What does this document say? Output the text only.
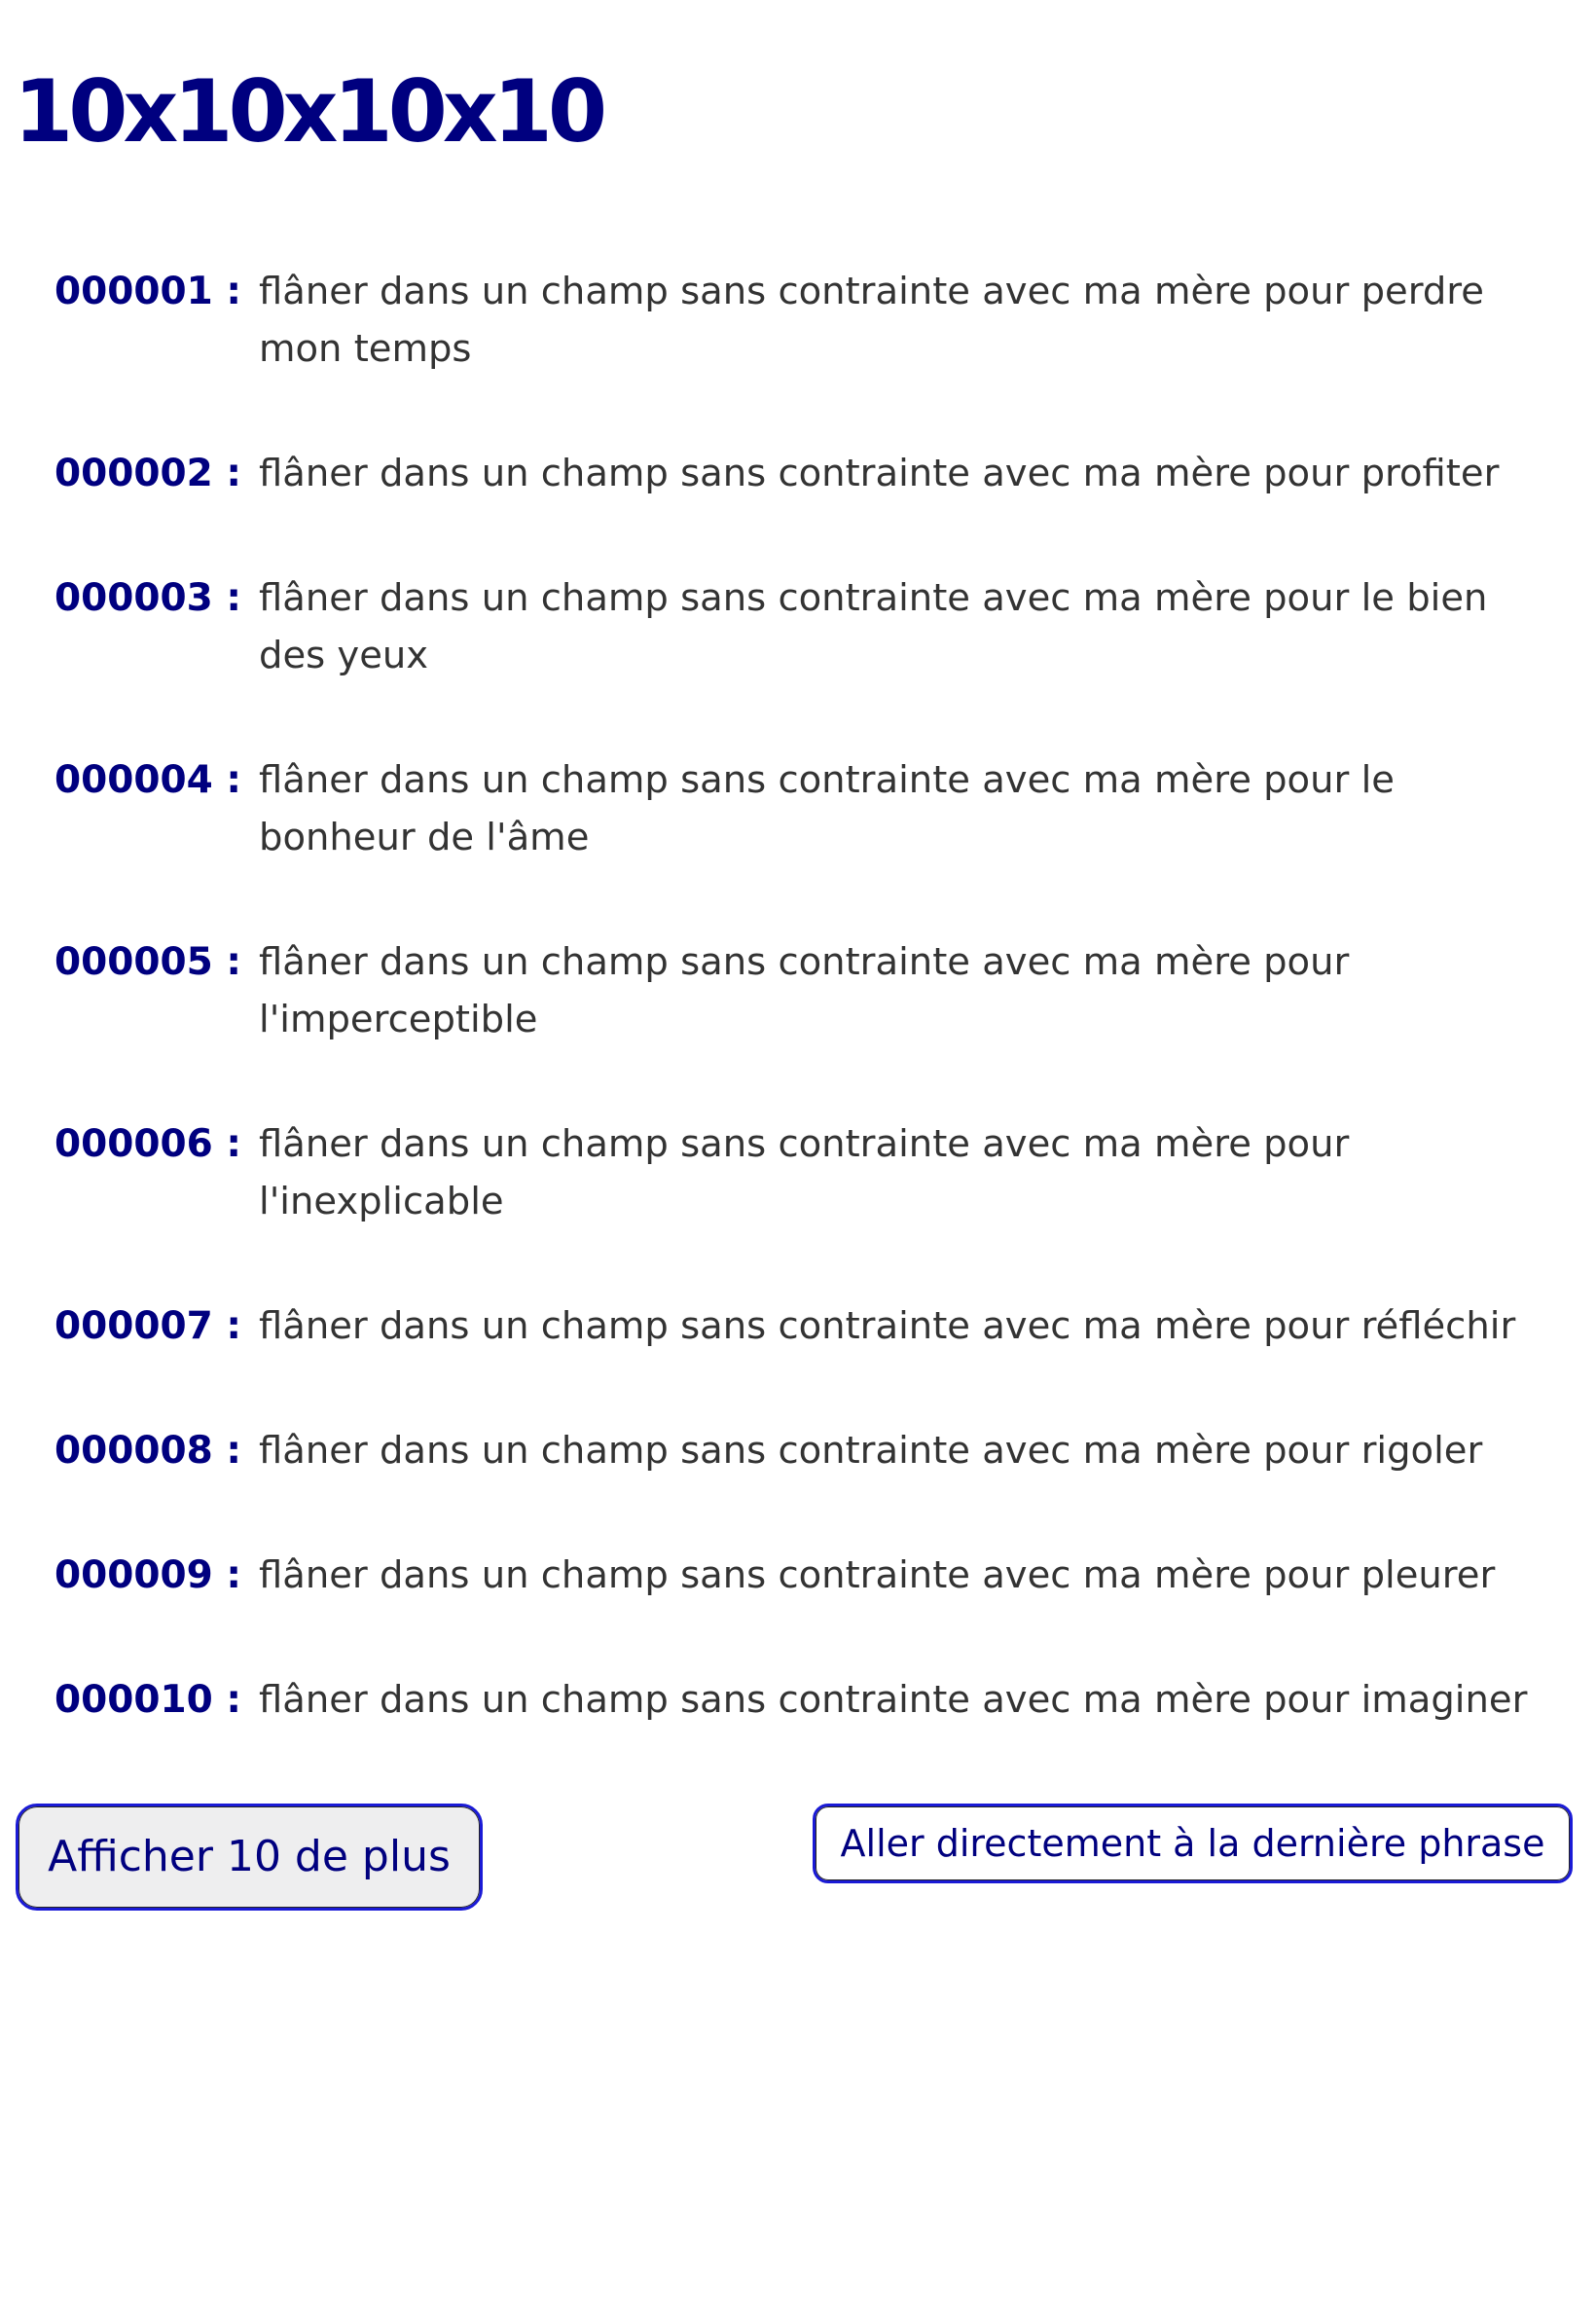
10x10x10x10
000001 : flâner dans un champ sans contrainte avec ma mère pour perdre mon temps
000002 : flâner dans un champ sans contrainte avec ma mère pour profiter
000003 : flâner dans un champ sans contrainte avec ma mère pour le bien des yeux
000004 : flâner dans un champ sans contrainte avec ma mère pour le bonheur de l'âme
000005 : flâner dans un champ sans contrainte avec ma mère pour l'imperceptible
000006 : flâner dans un champ sans contrainte avec ma mère pour l'inexplicable
000007 : flâner dans un champ sans contrainte avec ma mère pour réfléchir
000008 : flâner dans un champ sans contrainte avec ma mère pour rigoler
000009 : flâner dans un champ sans contrainte avec ma mère pour pleurer
000010 : flâner dans un champ sans contrainte avec ma mère pour imaginer
Afficher 10 de plus	Aller directement à la dernière phrase
